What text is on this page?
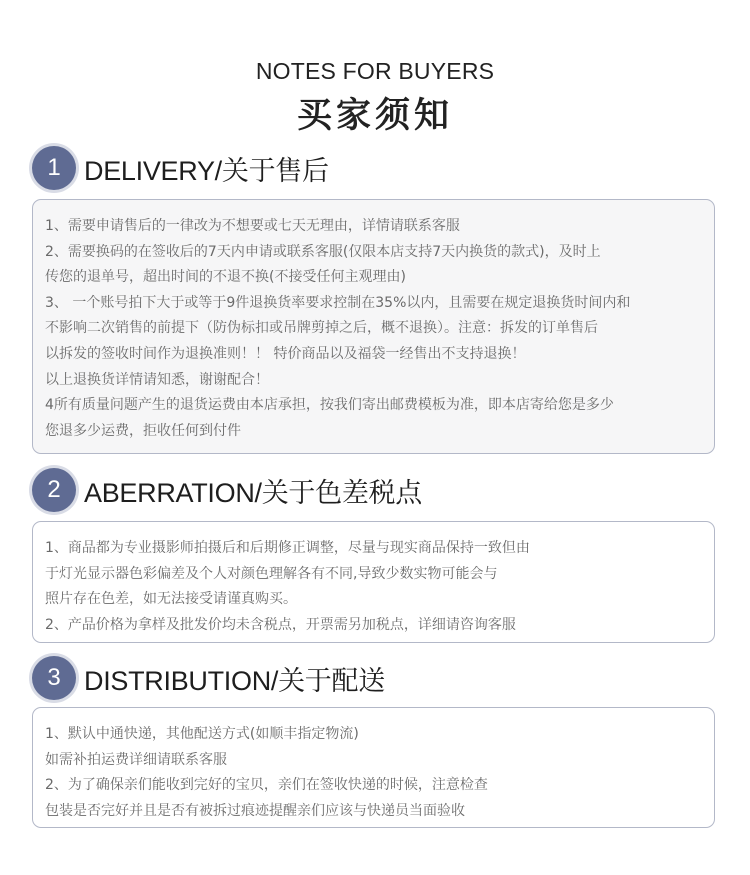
NOTES FOR BUYERS
买家须知
1 DELIVERY/关于售后
1、需要申请售后的一律改为不想要或七天无理由，详情请联系客服
2、需要换码的在签收后的7天内申请或联系客服(仅限本店支持7天内换货的款式)，及时上
传您的退单号，超出时间的不退不换(不接受任何主观理由)
3、 一个账号拍下大于或等于9件退换货率要求控制在35%以内，且需要在规定退换货时间内和
不影响二次销售的前提下（防伪标扣或吊牌剪掉之后，概不退换）。注意：拆发的订单售后
以拆发的签收时间作为退换准则！！ 特价商品以及福袋一经售出不支持退换！
以上退换货详情请知悉，谢谢配合！
4所有质量问题产生的退货运费由本店承担，按我们寄出邮费模板为准，即本店寄给您是多少
您退多少运费，拒收任何到付件
2 ABERRATION/关于色差税点
1、商品都为专业摄影师拍摄后和后期修正调整，尽量与现实商品保持一致但由
于灯光显示器色彩偏差及个人对颜色理解各有不同,导致少数实物可能会与
照片存在色差，如无法接受请谨真购买。
2、产品价格为拿样及批发价均未含税点，开票需另加税点，详细请咨询客服
3 DISTRIBUTION/关于配送
1、默认中通快递，其他配送方式(如顺丰指定物流)
如需补拍运费详细请联系客服
2、为了确保亲们能收到完好的宝贝，亲们在签收快递的时候，注意检查
包装是否完好并且是否有被拆过痕迹提醒亲们应该与快递员当面验收
